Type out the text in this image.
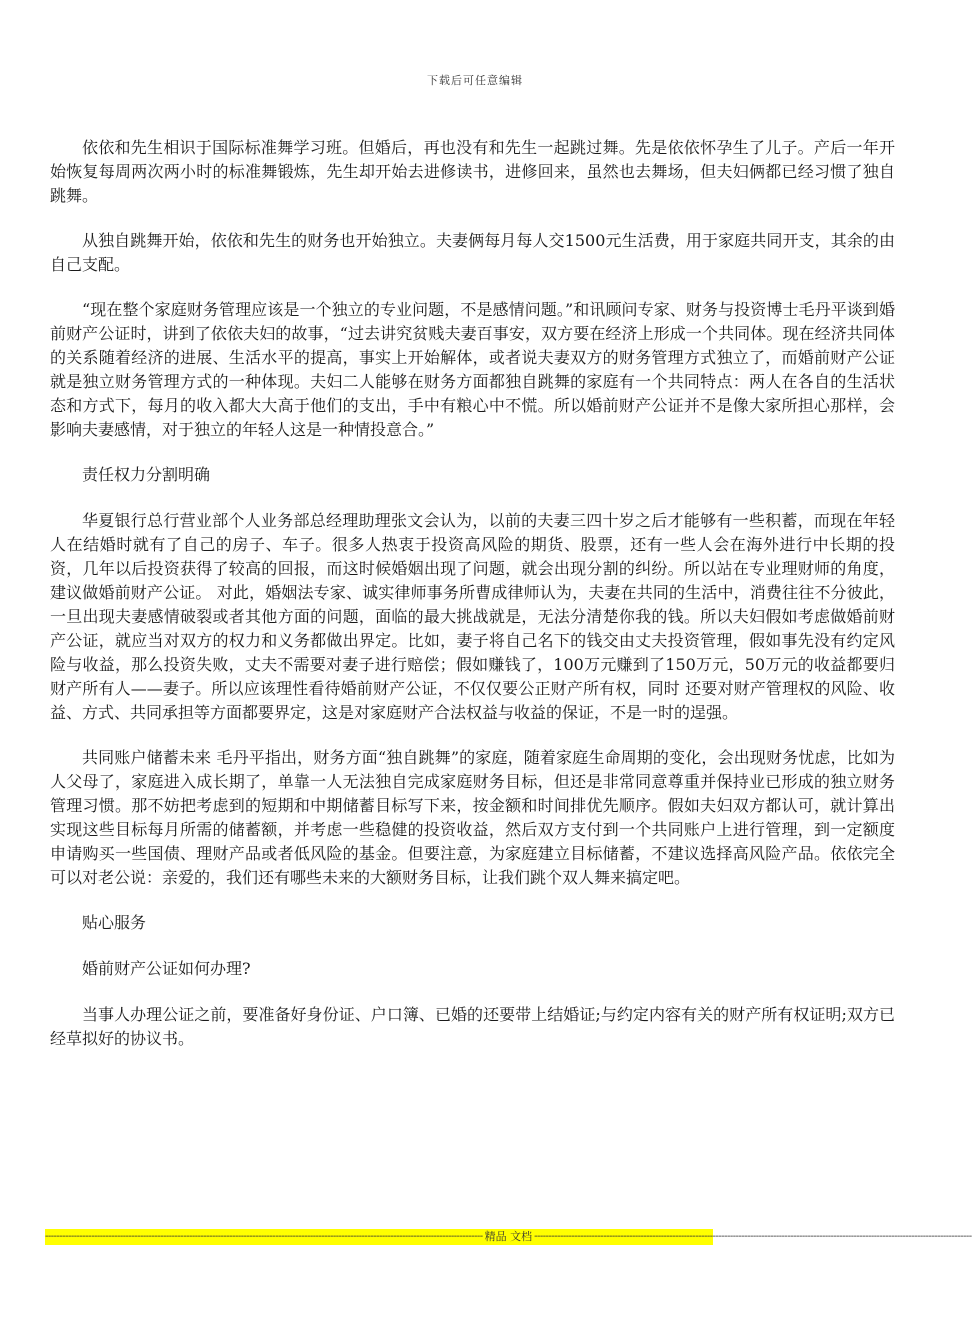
下载后可任意编辑

依依和先生相识于国际标准舞学习班。但婚后，再也没有和先生一起跳过舞。先是依依怀孕生了儿子。产后一年开始恢复每周两次两小时的标准舞锻炼，先生却开始去进修读书，进修回来，虽然也去舞场，但夫妇俩都已经习惯了独自跳舞。

从独自跳舞开始，依依和先生的财务也开始独立。夫妻俩每月每人交1500元生活费，用于家庭共同开支，其余的由自己支配。

“现在整个家庭财务管理应该是一个独立的专业问题，不是感情问题。”和讯顾问专家、财务与投资博士毛丹平谈到婚前财产公证时，讲到了依依夫妇的故事，“过去讲究贫贱夫妻百事安，双方要在经济上形成一个共同体。现在经济共同体的关系随着经济的进展、生活水平的提高，事实上开始解体，或者说夫妻双方的财务管理方式独立了，而婚前财产公证就是独立财务管理方式的一种体现。夫妇二人能够在财务方面都独自跳舞的家庭有一个共同特点：两人在各自的生活状态和方式下，每月的收入都大大高于他们的支出，手中有粮心中不慌。所以婚前财产公证并不是像大家所担心那样，会影响夫妻感情，对于独立的年轻人这是一种情投意合。”

责任权力分割明确

华夏银行总行营业部个人业务部总经理助理张文会认为，以前的夫妻三四十岁之后才能够有一些积蓄，而现在年轻人在结婚时就有了自己的房子、车子。很多人热衷于投资高风险的期货、股票，还有一些人会在海外进行中长期的投资，几年以后投资获得了较高的回报，而这时候婚姻出现了问题，就会出现分割的纠纷。所以站在专业理财师的角度，建议做婚前财产公证。 对此，婚姻法专家、诚实律师事务所曹成律师认为，夫妻在共同的生活中，消费往往不分彼此，一旦出现夫妻感情破裂或者其他方面的问题，面临的最大挑战就是，无法分清楚你我的钱。所以夫妇假如考虑做婚前财产公证，就应当对双方的权力和义务都做出界定。比如，妻子将自己名下的钱交由丈夫投资管理，假如事先没有约定风险与收益，那么投资失败，丈夫不需要对妻子进行赔偿；假如赚钱了，100万元赚到了150万元，50万元的收益都要归财产所有人——妻子。所以应该理性看待婚前财产公证，不仅仅要公正财产所有权，同时 还要对财产管理权的风险、收益、方式、共同承担等方面都要界定，这是对家庭财产合法权益与收益的保证，不是一时的逞强。

共同账户储蓄未来 毛丹平指出，财务方面“独自跳舞”的家庭，随着家庭生命周期的变化，会出现财务忧虑，比如为人父母了，家庭进入成长期了，单靠一人无法独自完成家庭财务目标，但还是非常同意尊重并保持业已形成的独立财务管理习惯。那不妨把考虑到的短期和中期储蓄目标写下来，按金额和时间排优先顺序。假如夫妇双方都认可，就计算出实现这些目标每月所需的储蓄额，并考虑一些稳健的投资收益，然后双方支付到一个共同账户上进行管理，到一定额度申请购买一些国债、理财产品或者低风险的基金。但要注意，为家庭建立目标储蓄，不建议选择高风险产品。依依完全可以对老公说：亲爱的，我们还有哪些未来的大额财务目标，让我们跳个双人舞来搞定吧。

贴心服务

婚前财产公证如何办理?

当事人办理公证之前，要准备好身份证、户口簿、已婚的还要带上结婚证;与约定内容有关的财产所有权证明;双方已经草拟好的协议书。

-------------------------------------------------------------------------------------------------------------------------------------------------------- 精品 文档 --------------------------------------------------------------------------------------------------------------------------------------------------------
